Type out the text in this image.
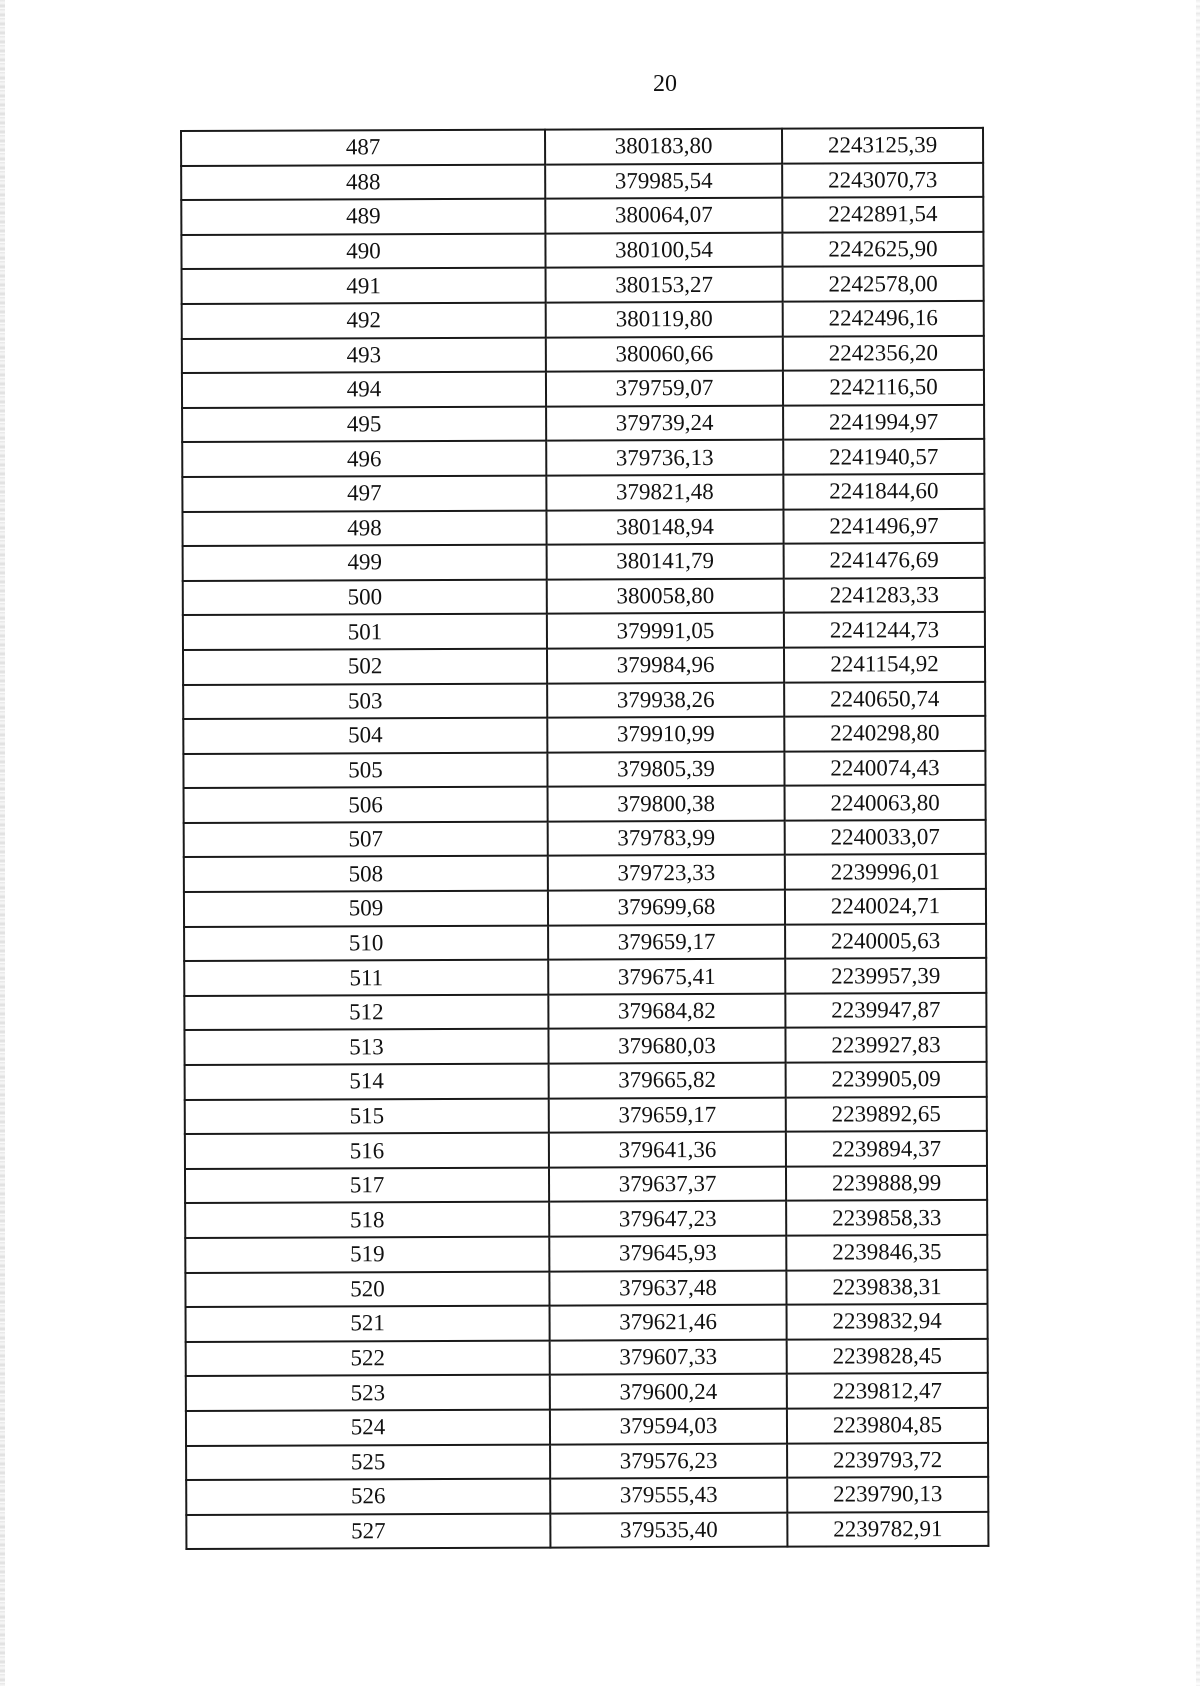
20
487	380183,80	2243125,39
488	379985,54	2243070,73
489	380064,07	2242891,54
490	380100,54	2242625,90
491	380153,27	2242578,00
492	380119,80	2242496,16
493	380060,66	2242356,20
494	379759,07	2242116,50
495	379739,24	2241994,97
496	379736,13	2241940,57
497	379821,48	2241844,60
498	380148,94	2241496,97
499	380141,79	2241476,69
500	380058,80	2241283,33
501	379991,05	2241244,73
502	379984,96	2241154,92
503	379938,26	2240650,74
504	379910,99	2240298,80
505	379805,39	2240074,43
506	379800,38	2240063,80
507	379783,99	2240033,07
508	379723,33	2239996,01
509	379699,68	2240024,71
510	379659,17	2240005,63
511	379675,41	2239957,39
512	379684,82	2239947,87
513	379680,03	2239927,83
514	379665,82	2239905,09
515	379659,17	2239892,65
516	379641,36	2239894,37
517	379637,37	2239888,99
518	379647,23	2239858,33
519	379645,93	2239846,35
520	379637,48	2239838,31
521	379621,46	2239832,94
522	379607,33	2239828,45
523	379600,24	2239812,47
524	379594,03	2239804,85
525	379576,23	2239793,72
526	379555,43	2239790,13
527	379535,40	2239782,91
